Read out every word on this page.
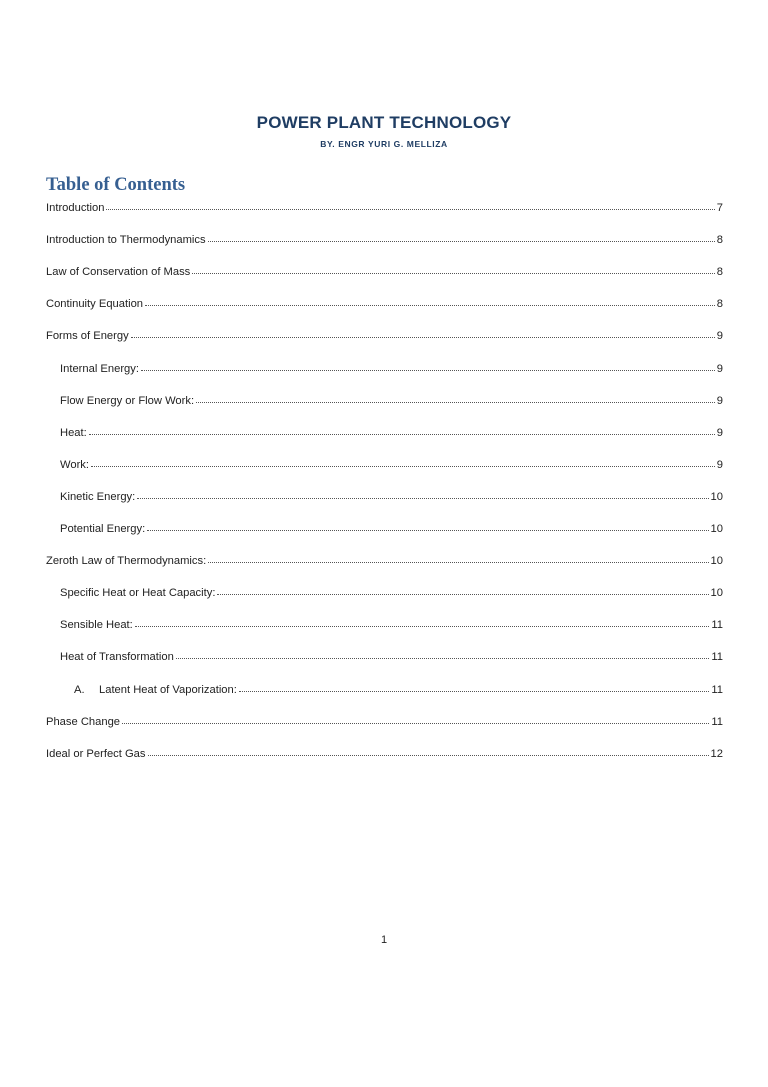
POWER PLANT TECHNOLOGY
BY. ENGR YURI G. MELLIZA
Table of Contents
Introduction	7
Introduction to Thermodynamics	8
Law of Conservation of Mass	8
Continuity Equation	8
Forms of Energy	9
Internal Energy:	9
Flow Energy or Flow Work:	9
Heat:	9
Work:	9
Kinetic Energy:	10
Potential Energy:	10
Zeroth Law of Thermodynamics:	10
Specific Heat or Heat Capacity:	10
Sensible Heat:	11
Heat of Transformation	11
A.	Latent Heat of Vaporization:	11
Phase Change	11
Ideal or Perfect Gas	12
1
